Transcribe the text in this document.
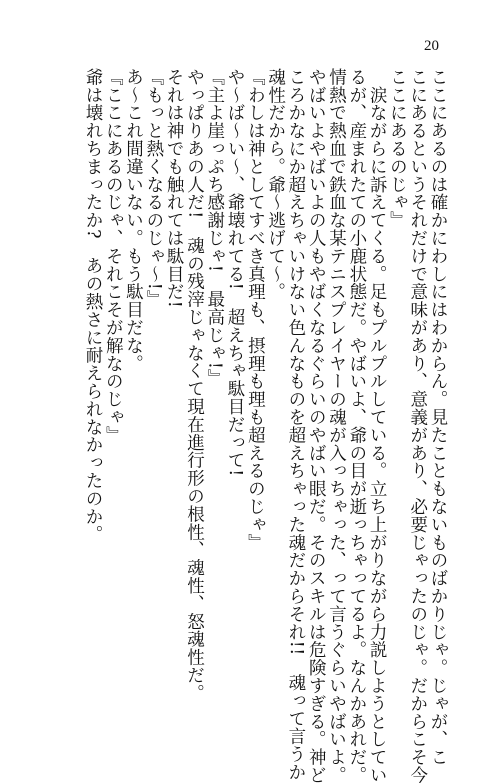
20
ここにあるのは確かにわしにはわからん。見たこともないものばかりじゃ。じゃが、こ
こにあるというそれだけで意味があり、意義があり、必要じゃったのじゃ。だからこそ今
ここにあるのじゃ』
　涙ながらに訴えてくる。足もプルプルしている。立ち上がりながら力説しようとしてい
るが、産まれたての小鹿状態だ。やばいよ、爺の目が逝っちゃってるよ。なんかあれだ。
情熱で熱血で鉄血な某テニスプレイヤーの魂が入っちゃった、って言うぐらいやばいよ。
やばいよやばいよの人もやばくなるぐらいのやばい眼だ。そのスキルは危険すぎる。神ど
ころかなにか超えちゃいけない色んなものを超えちゃった魂だからそれ!!　魂って言うか
魂性だから。爺～逃げて～。
『わしは神としてすべき真理も、摂理も理も超えるのじゃ』
や～ば～い～、爺壊れてる!　超えちゃ駄目だって!
『主よ崖っぷち感謝じゃ!　最高じゃ!』
やっぱりあの人だ!　魂の残滓じゃなくて現在進行形の根性、魂性、怒魂性だ。
それは神でも触れては駄目だ!
『もっと熱くなるのじゃ～!』
あ～これ間違いない。もう駄目だな。
『ここにあるのじゃ、それこそが解なのじゃ』
爺は壊れちまったか?　あの熱さに耐えられなかったのか。
